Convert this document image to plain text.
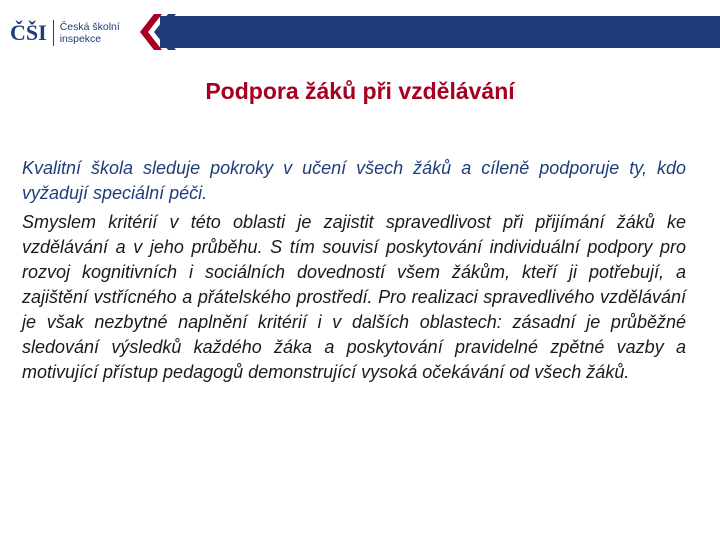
ČŠI Česká školní
inspekce
Podpora žáků při vzdělávání

Kvalitní škola sleduje pokroky v učení všech žáků a cíleně podporuje ty, kdo vyžadují speciální péči.

Smyslem kritérií v této oblasti je zajistit spravedlivost při přijímání žáků ke vzdělávání a v jeho průběhu. S tím souvisí poskytování individuální podpory pro rozvoj kognitivních i sociálních dovedností všem žákům, kteří ji potřebují, a zajištění vstřícného a přátelského prostředí. Pro realizaci spravedlivého vzdělávání je však nezbytné naplnění kritérií i v dalších oblastech: zásadní je průběžné sledování výsledků každého žáka a poskytování pravidelné zpětné vazby a motivující přístup pedagogů demonstrující vysoká očekávání od všech žáků.
